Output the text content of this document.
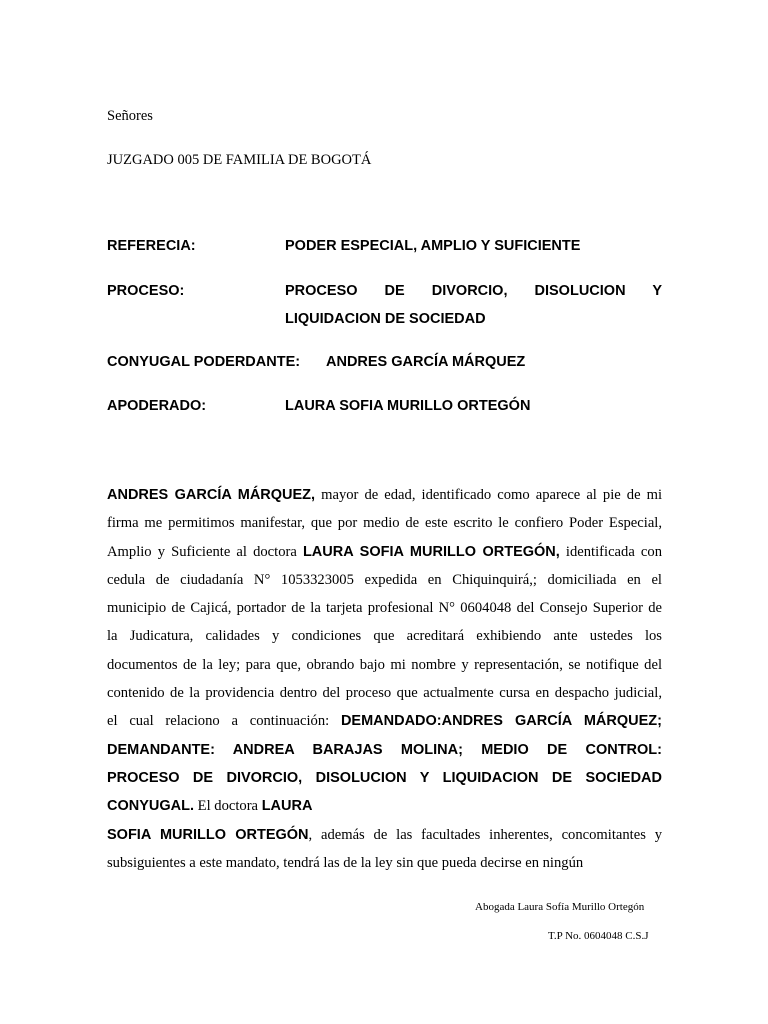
Señores
JUZGADO 005 DE FAMILIA DE BOGOTÁ
REFERECIA:	PODER ESPECIAL, AMPLIO Y SUFICIENTE
PROCESO:	PROCESO DE DIVORCIO, DISOLUCION Y
LIQUIDACION DE SOCIEDAD
CONYUGAL PODERDANTE: ANDRES GARCÍA MÁRQUEZ
APODERADO:	LAURA SOFIA MURILLO ORTEGÓN
ANDRES GARCÍA MÁRQUEZ, mayor de edad, identificado como aparece al pie de mi
firma me permitimos manifestar, que por medio de este escrito le confiero Poder Especial,
Amplio y Suficiente al doctora LAURA SOFIA MURILLO ORTEGÓN, identificada con
cedula de ciudadanía N° 1053323005 expedida en Chiquinquirá,; domiciliada en el
municipio de Cajicá, portador de la tarjeta profesional N° 0604048 del Consejo Superior de
la Judicatura, calidades y condiciones que acreditará exhibiendo ante ustedes los
documentos de la ley; para que, obrando bajo mi nombre y representación, se notifique del
contenido de la providencia dentro del proceso que actualmente cursa en despacho judicial,
el cual relaciono a continuación: DEMANDADO:ANDRES GARCÍA MÁRQUEZ;
DEMANDANTE: ANDREA BARAJAS MOLINA; MEDIO DE CONTROL:
PROCESO DE DIVORCIO, DISOLUCION Y LIQUIDACION DE SOCIEDAD
CONYUGAL. El doctora LAURA
SOFIA MURILLO ORTEGÓN, además de las facultades inherentes, concomitantes y
subsiguientes a este mandato, tendrá las de la ley sin que pueda decirse en ningún
Abogada Laura Sofía Murillo Ortegón
T.P No. 0604048 C.S.J
